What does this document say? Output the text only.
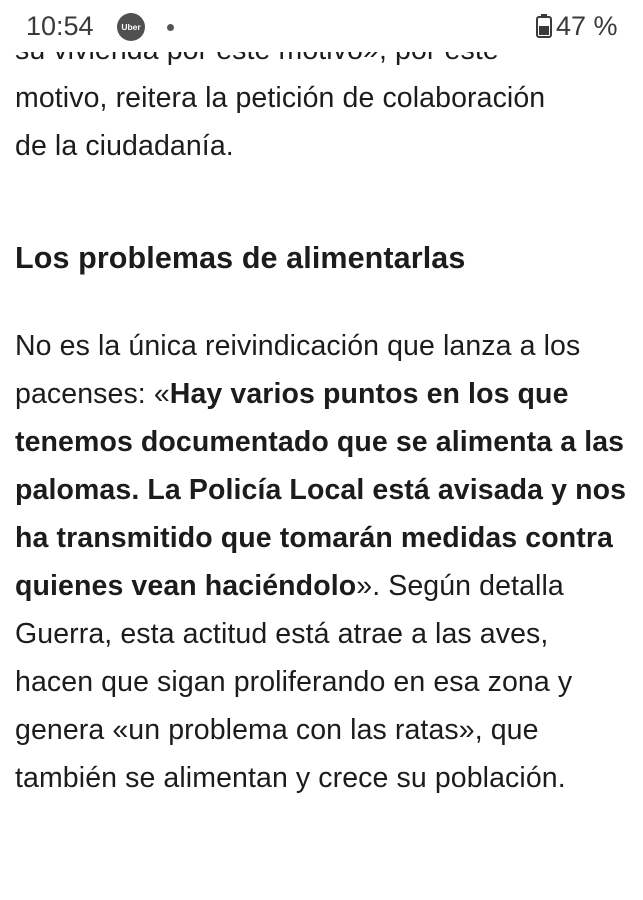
10:54	Uber	47 %

motivo, reitera la petición de colaboración
de la ciudadanía.

Los problemas de alimentarlas

No es la única reivindicación que lanza a los pacenses: «Hay varios puntos en los que tenemos documentado que se alimenta a las palomas. La Policía Local está avisada y nos ha transmitido que tomarán medidas contra quienes vean haciéndolo». Según detalla Guerra, esta actitud está atrae a las aves, hacen que sigan proliferando en esa zona y genera «un problema con las ratas», que también se alimentan y crece su población.
